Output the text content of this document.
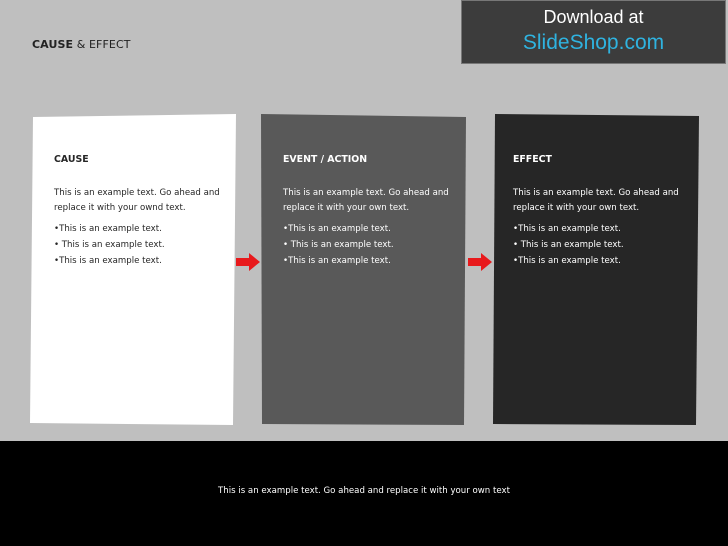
CAUSE & EFFECT
Download at
SlideShop.com
CAUSE
This is an example text. Go ahead and replace it with your ownd text.
•This is an example text.
• This is an example text.
•This is an example text.
EVENT / ACTION
This is an example text. Go ahead and replace it with your own text.
•This is an example text.
• This is an example text.
•This is an example text.
EFFECT
This is an example text. Go ahead and replace it with your own text.
•This is an example text.
• This is an example text.
•This is an example text.
This is an example text. Go ahead and replace it with your own text
